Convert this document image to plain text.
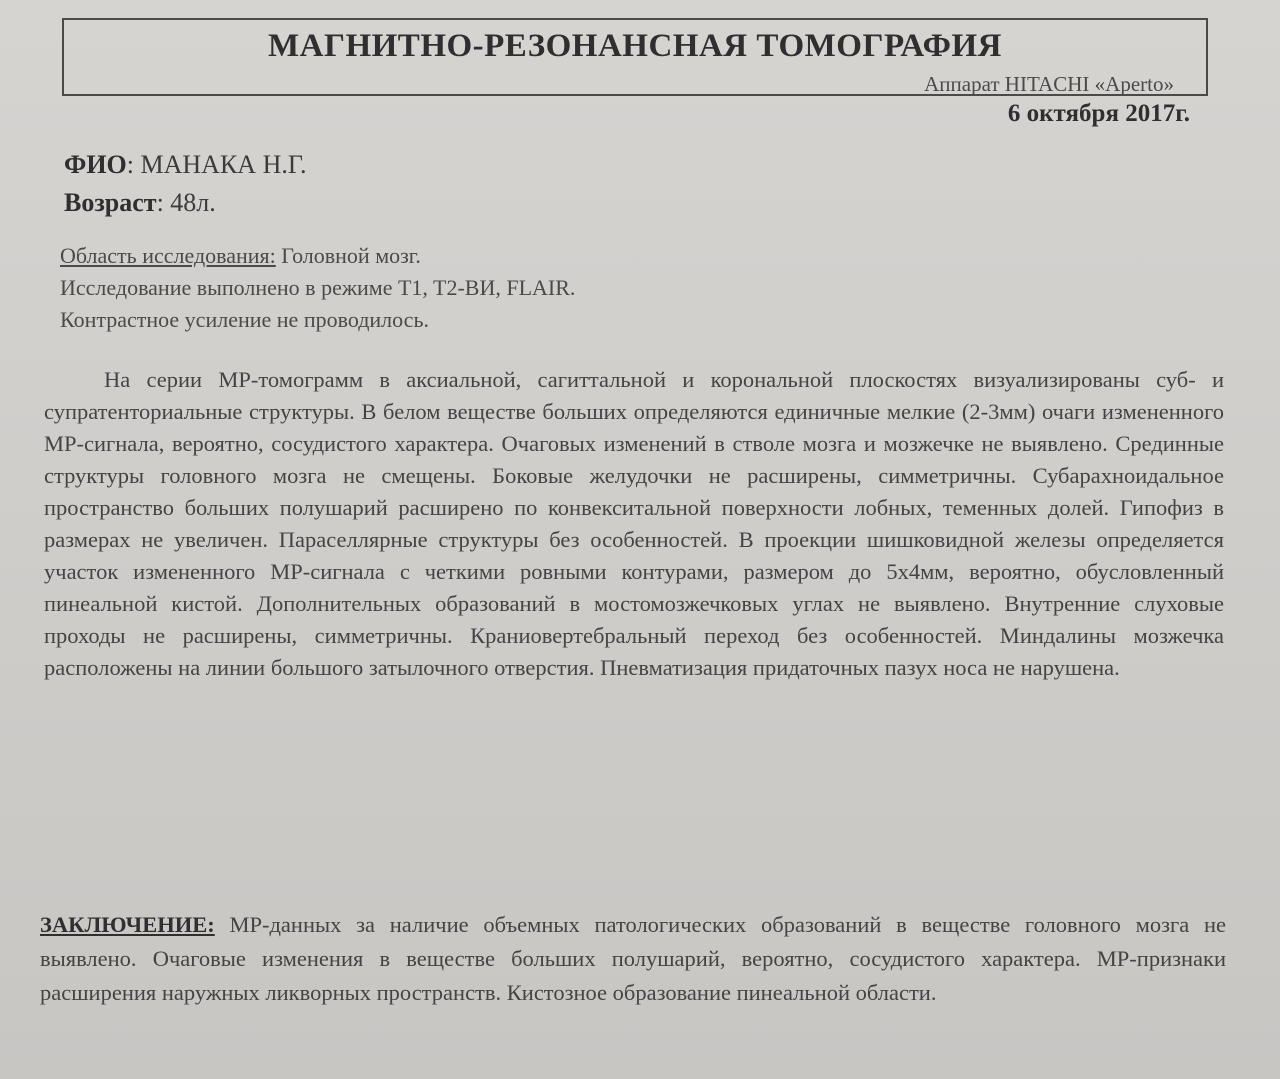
МАГНИТНО-РЕЗОНАНСНАЯ ТОМОГРАФИЯ
Аппарат HITACHI «Aperto»
6 октября 2017г.
ФИО: МАНАКА Н.Г.
Возраст: 48л.
Область исследования: Головной мозг.
Исследование выполнено в режиме T1, T2-ВИ, FLAIR.
Контрастное усиление не проводилось.
На серии МР-томограмм в аксиальной, сагиттальной и корональной плоскостях визуализированы суб- и супратенториальные структуры. В белом веществе больших определяются единичные мелкие (2-3мм) очаги измененного МР-сигнала, вероятно, сосудистого характера. Очаговых изменений в стволе мозга и мозжечке не выявлено. Срединные структуры головного мозга не смещены. Боковые желудочки не расширены, симметричны. Субарахноидальное пространство больших полушарий расширено по конвекситальной поверхности лобных, теменных долей. Гипофиз в размерах не увеличен. Параселлярные структуры без особенностей. В проекции шишковидной железы определяется участок измененного МР-сигнала с четкими ровными контурами, размером до 5х4мм, вероятно, обусловленный пинеальной кистой. Дополнительных образований в мостомозжечковых углах не выявлено. Внутренние слуховые проходы не расширены, симметричны. Краниовертебральный переход без особенностей. Миндалины мозжечка расположены на линии большого затылочного отверстия. Пневматизация придаточных пазух носа не нарушена.
ЗАКЛЮЧЕНИЕ: МР-данных за наличие объемных патологических образований в веществе головного мозга не выявлено. Очаговые изменения в веществе больших полушарий, вероятно, сосудистого характера. МР-признаки расширения наружных ликворных пространств. Кистозное образование пинеальной области.
